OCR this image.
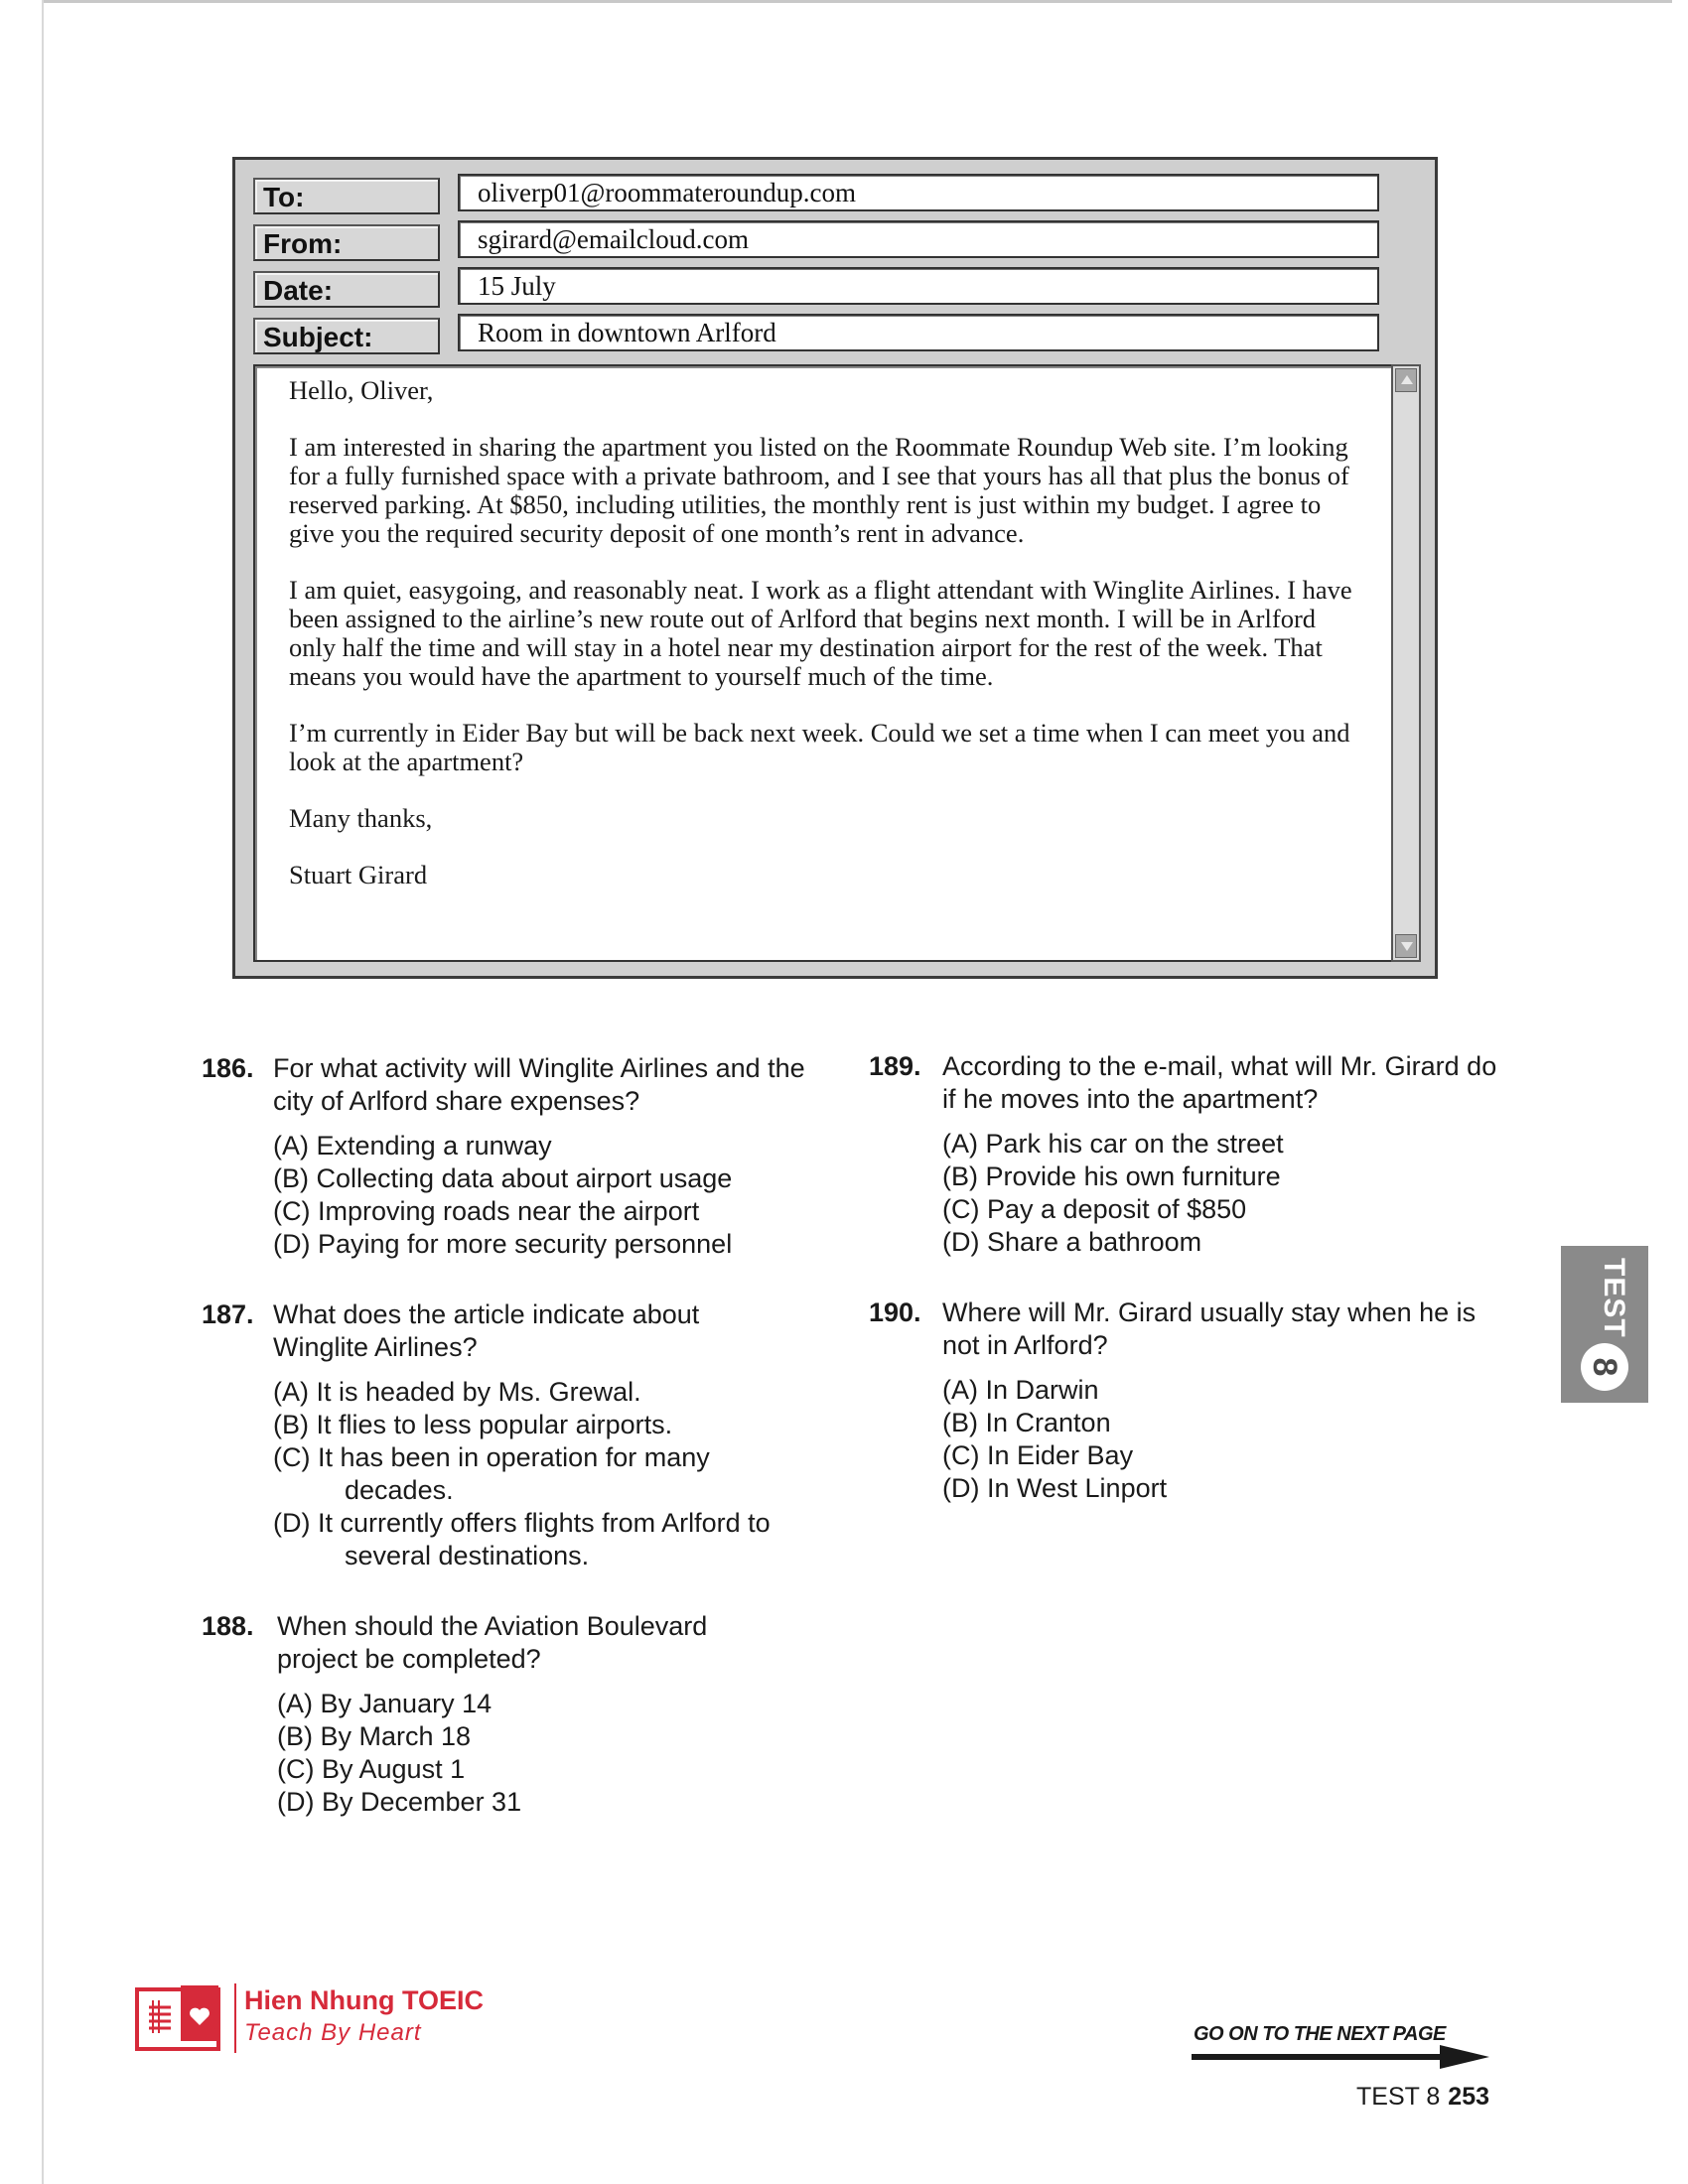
To:	oliverp01@roommateroundup.com
From:	sgirard@emailcloud.com
Date:	15 July
Subject:	Room in downtown Arlford

Hello, Oliver,

I am interested in sharing the apartment you listed on the Roommate Roundup Web site. I’m looking for a fully furnished space with a private bathroom, and I see that yours has all that plus the bonus of reserved parking. At $850, including utilities, the monthly rent is just within my budget. I agree to give you the required security deposit of one month’s rent in advance.

I am quiet, easygoing, and reasonably neat. I work as a flight attendant with Winglite Airlines. I have been assigned to the airline’s new route out of Arlford that begins next month. I will be in Arlford only half the time and will stay in a hotel near my destination airport for the rest of the week. That means you would have the apartment to yourself much of the time.

I’m currently in Eider Bay but will be back next week. Could we set a time when I can meet you and look at the apartment?

Many thanks,

Stuart Girard

186. For what activity will Winglite Airlines and the city of Arlford share expenses?
(A) Extending a runway
(B) Collecting data about airport usage
(C) Improving roads near the airport
(D) Paying for more security personnel
187. What does the article indicate about Winglite Airlines?
(A) It is headed by Ms. Grewal.
(B) It flies to less popular airports.
(C) It has been in operation for many
decades.
(D) It currently offers flights from Arlford to
several destinations.
188. When should the Aviation Boulevard project be completed?
(A) By January 14
(B) By March 18
(C) By August 1
(D) By December 31
189. According to the e-mail, what will Mr. Girard do if he moves into the apartment?
(A) Park his car on the street
(B) Provide his own furniture
(C) Pay a deposit of $850
(D) Share a bathroom
190. Where will Mr. Girard usually stay when he is not in Arlford?
(A) In Darwin
(B) In Cranton
(C) In Eider Bay
(D) In West Linport
TEST
8
Hien Nhung TOEIC
Teach By Heart	GO ON TO THE NEXT PAGE
TEST 8 253
